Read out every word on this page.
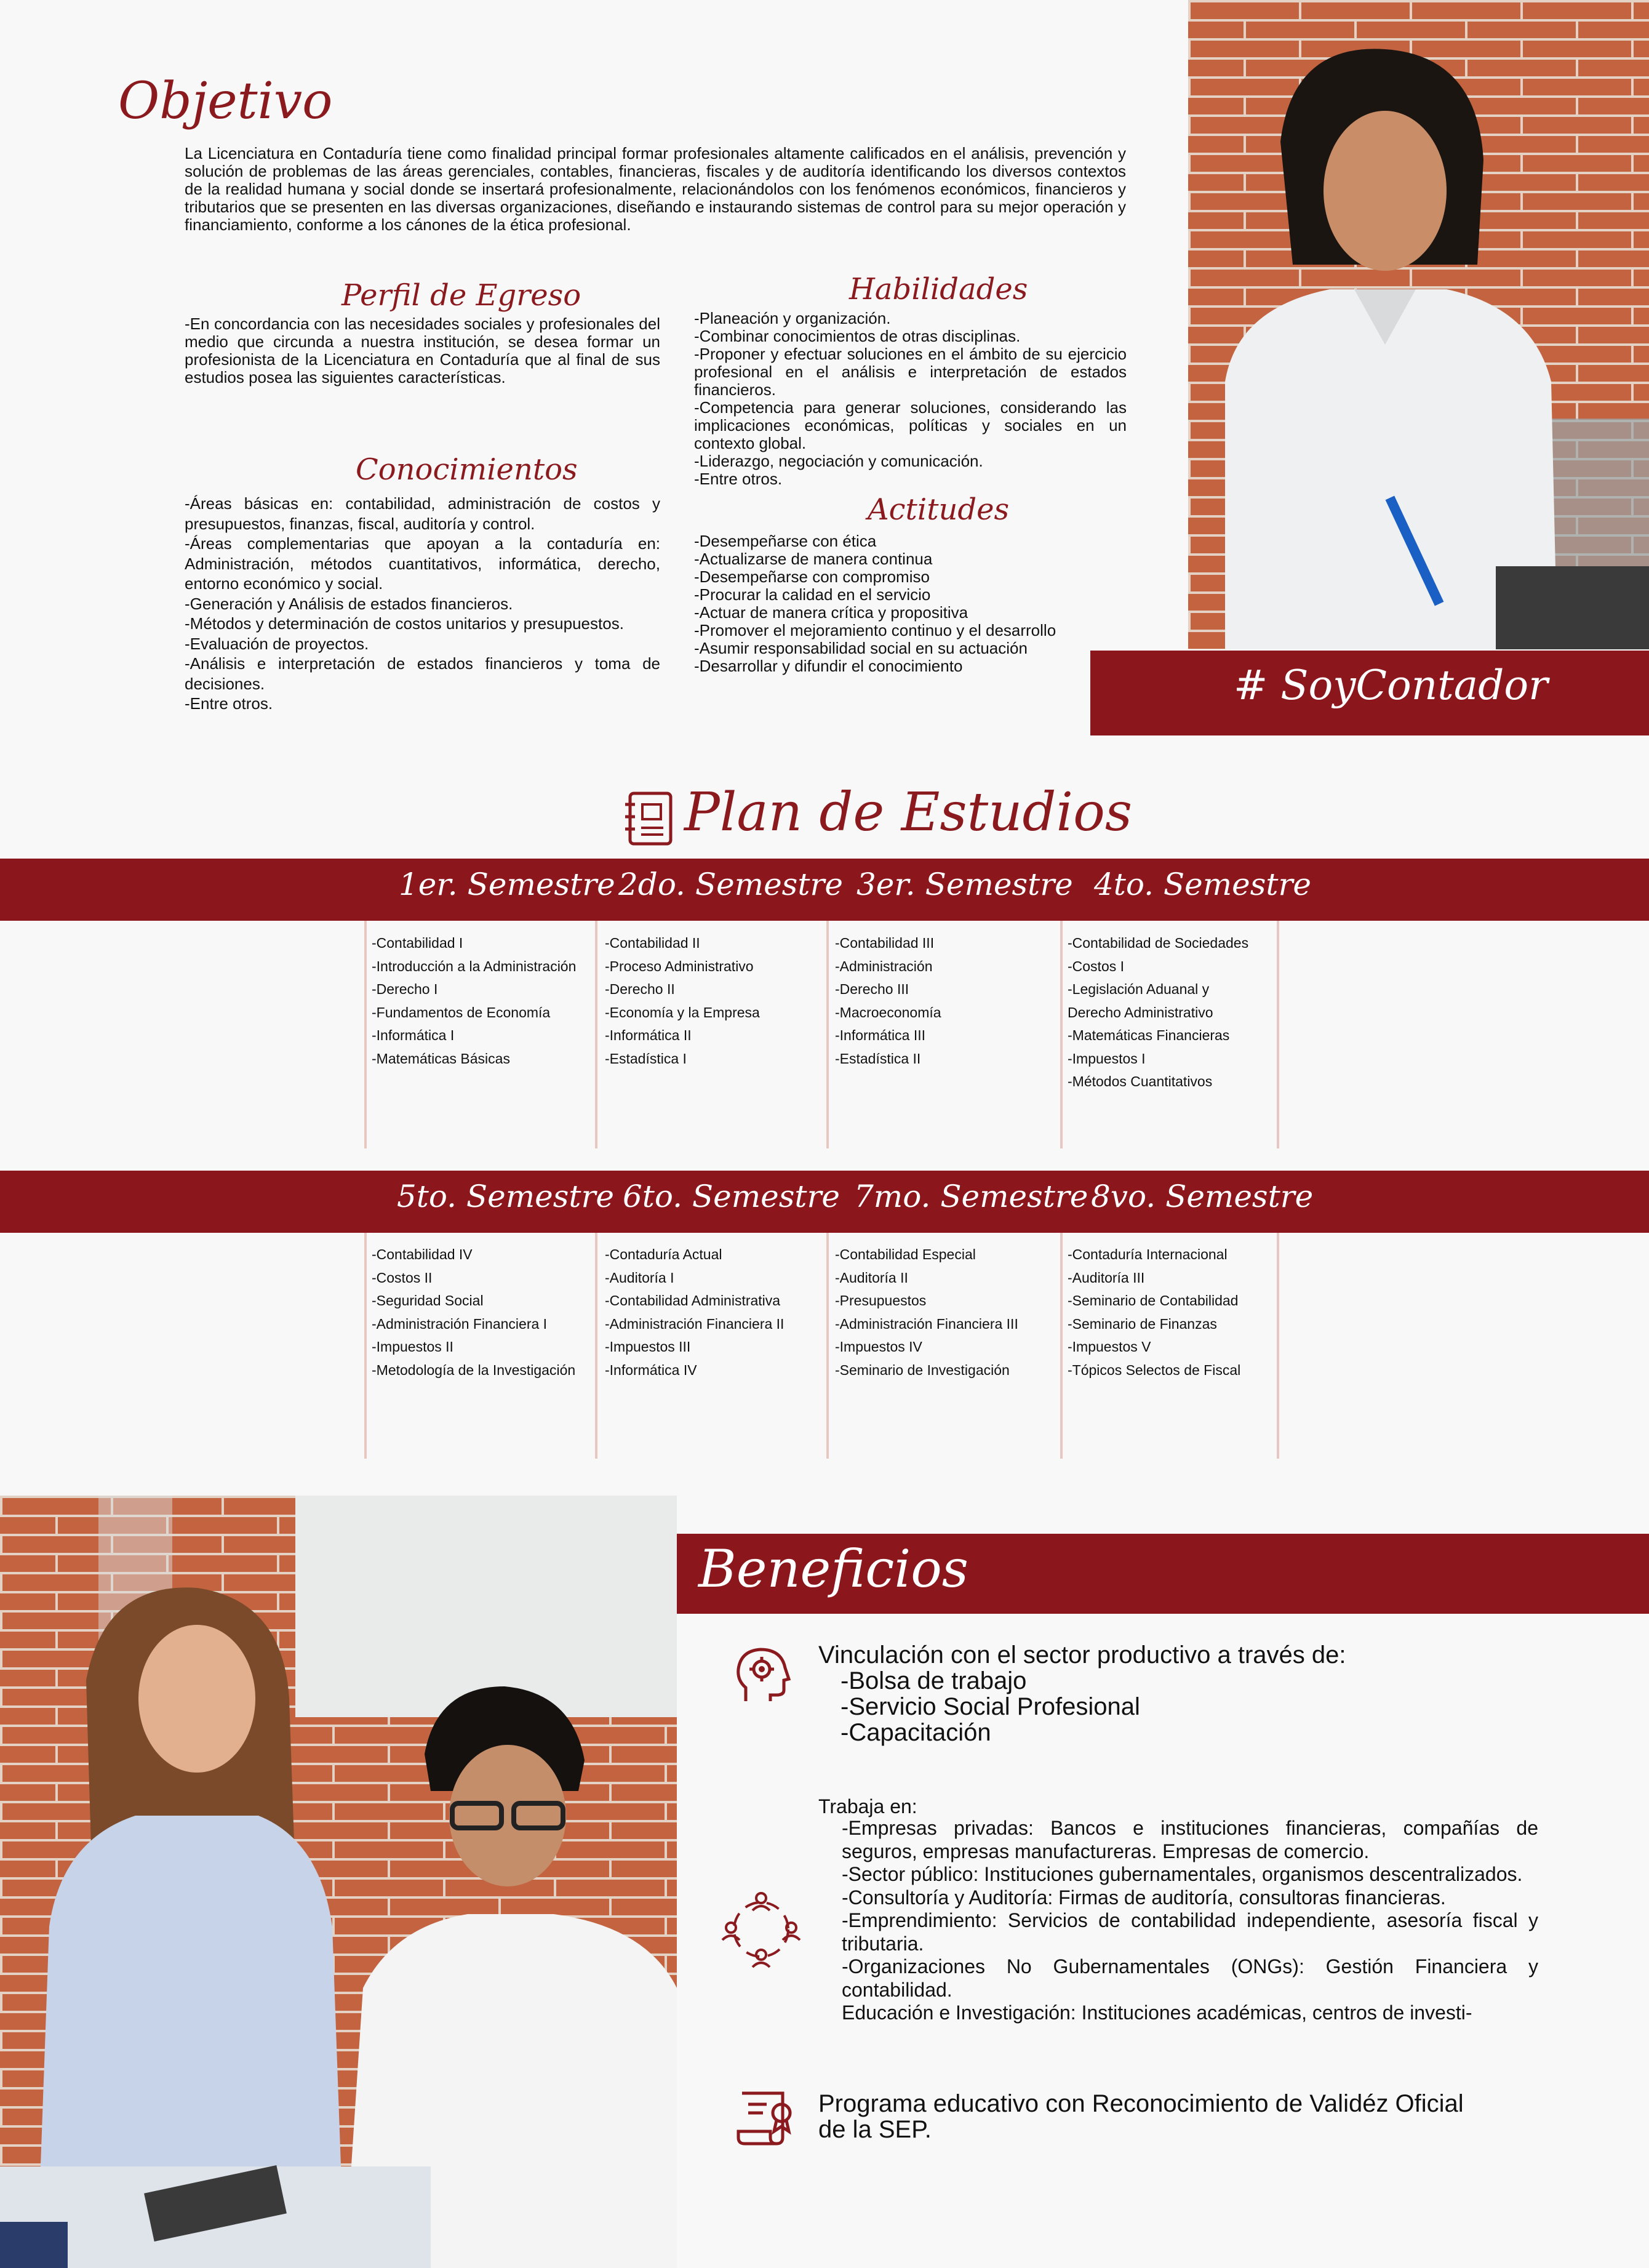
Objetivo
La Licenciatura en Contaduría tiene como finalidad principal formar profesionales altamente calificados en el análisis, prevención y solución de problemas de las áreas gerenciales, contables, financieras, fiscales y de auditoría identificando los diversos contextos de la realidad humana y social donde se insertará profesionalmente, relacionándolos con los fenómenos económicos, financieros y tributarios que se presenten en las diversas organizaciones, diseñando e instaurando sistemas de control para su mejor operación y financiamiento, conforme a los cánones de la ética profesional.
Perfil de Egreso
-En concordancia con las necesidades sociales y profesionales del medio que circunda a nuestra institución, se desea formar un profesionista de la Licenciatura en Contaduría que al final de sus estudios posea las siguientes características.
Conocimientos
-Áreas básicas en: contabilidad, administración de costos y presupuestos, finanzas, fiscal, auditoría y control.
-Áreas complementarias que apoyan a la contaduría en: Administración, métodos cuantitativos, informática, derecho, entorno económico y social.
-Generación y Análisis de estados financieros.
-Métodos y determinación de costos unitarios y presupuestos.
-Evaluación de proyectos.
-Análisis e interpretación de estados financieros y toma de decisiones.
-Entre otros.
Habilidades
-Planeación y organización.
-Combinar conocimientos de otras disciplinas.
-Proponer y efectuar soluciones en el ámbito de su ejercicio profesional en el análisis e interpretación de estados financieros.
-Competencia para generar soluciones, considerando las implicaciones económicas, políticas y sociales en un contexto global.
-Liderazgo, negociación y comunicación.
-Entre otros.
Actitudes
-Desempeñarse con ética
-Actualizarse de manera continua
-Desempeñarse con compromiso
-Procurar la calidad en el servicio
-Actuar de manera crítica y propositiva
-Promover el mejoramiento continuo y el desarrollo
-Asumir responsabilidad social en su actuación
-Desarrollar y difundir el conocimiento	# SoyContador
Plan de Estudios
1er. Semestre 2do. Semestre 3er. Semestre 4to. Semestre
-Contabilidad I
-Introducción a la Administración
-Derecho I
-Fundamentos de Economía
-Informática I
-Matemáticas Básicas
-Contabilidad II
-Proceso Administrativo
-Derecho II
-Economía y la Empresa
-Informática II
-Estadística I
-Contabilidad III
-Administración
-Derecho III
-Macroeconomía
-Informática III
-Estadística II
-Contabilidad de Sociedades
-Costos I
-Legislación Aduanal y
Derecho Administrativo
-Matemáticas Financieras
-Impuestos I
-Métodos Cuantitativos
5to. Semestre 6to. Semestre 7mo. Semestre 8vo. Semestre
-Contabilidad IV
-Costos II
-Seguridad Social
-Administración Financiera I
-Impuestos II
-Metodología de la Investigación
-Contaduría Actual
-Auditoría I
-Contabilidad Administrativa
-Administración Financiera II
-Impuestos III
-Informática IV
-Contabilidad Especial
-Auditoría II
-Presupuestos
-Administración Financiera III
-Impuestos IV
-Seminario de Investigación
-Contaduría Internacional
-Auditoría III
-Seminario de Contabilidad
-Seminario de Finanzas
-Impuestos V
-Tópicos Selectos de Fiscal
Beneficios
Vinculación con el sector productivo a través de:
-Bolsa de trabajo
-Servicio Social Profesional
-Capacitación
Trabaja en:
-Empresas privadas: Bancos e instituciones financieras, compañías de seguros, empresas manufactureras. Empresas de comercio.
-Sector público: Instituciones gubernamentales, organismos descentralizados.
-Consultoría y Auditoría: Firmas de auditoría, consultoras financieras.
-Emprendimiento: Servicios de contabilidad independiente, asesoría fiscal y tributaria.
-Organizaciones No Gubernamentales (ONGs): Gestión Financiera y contabilidad.
Educación e Investigación: Instituciones académicas, centros de investi-
Programa educativo con Reconocimiento de Validéz Oficial de la SEP.
